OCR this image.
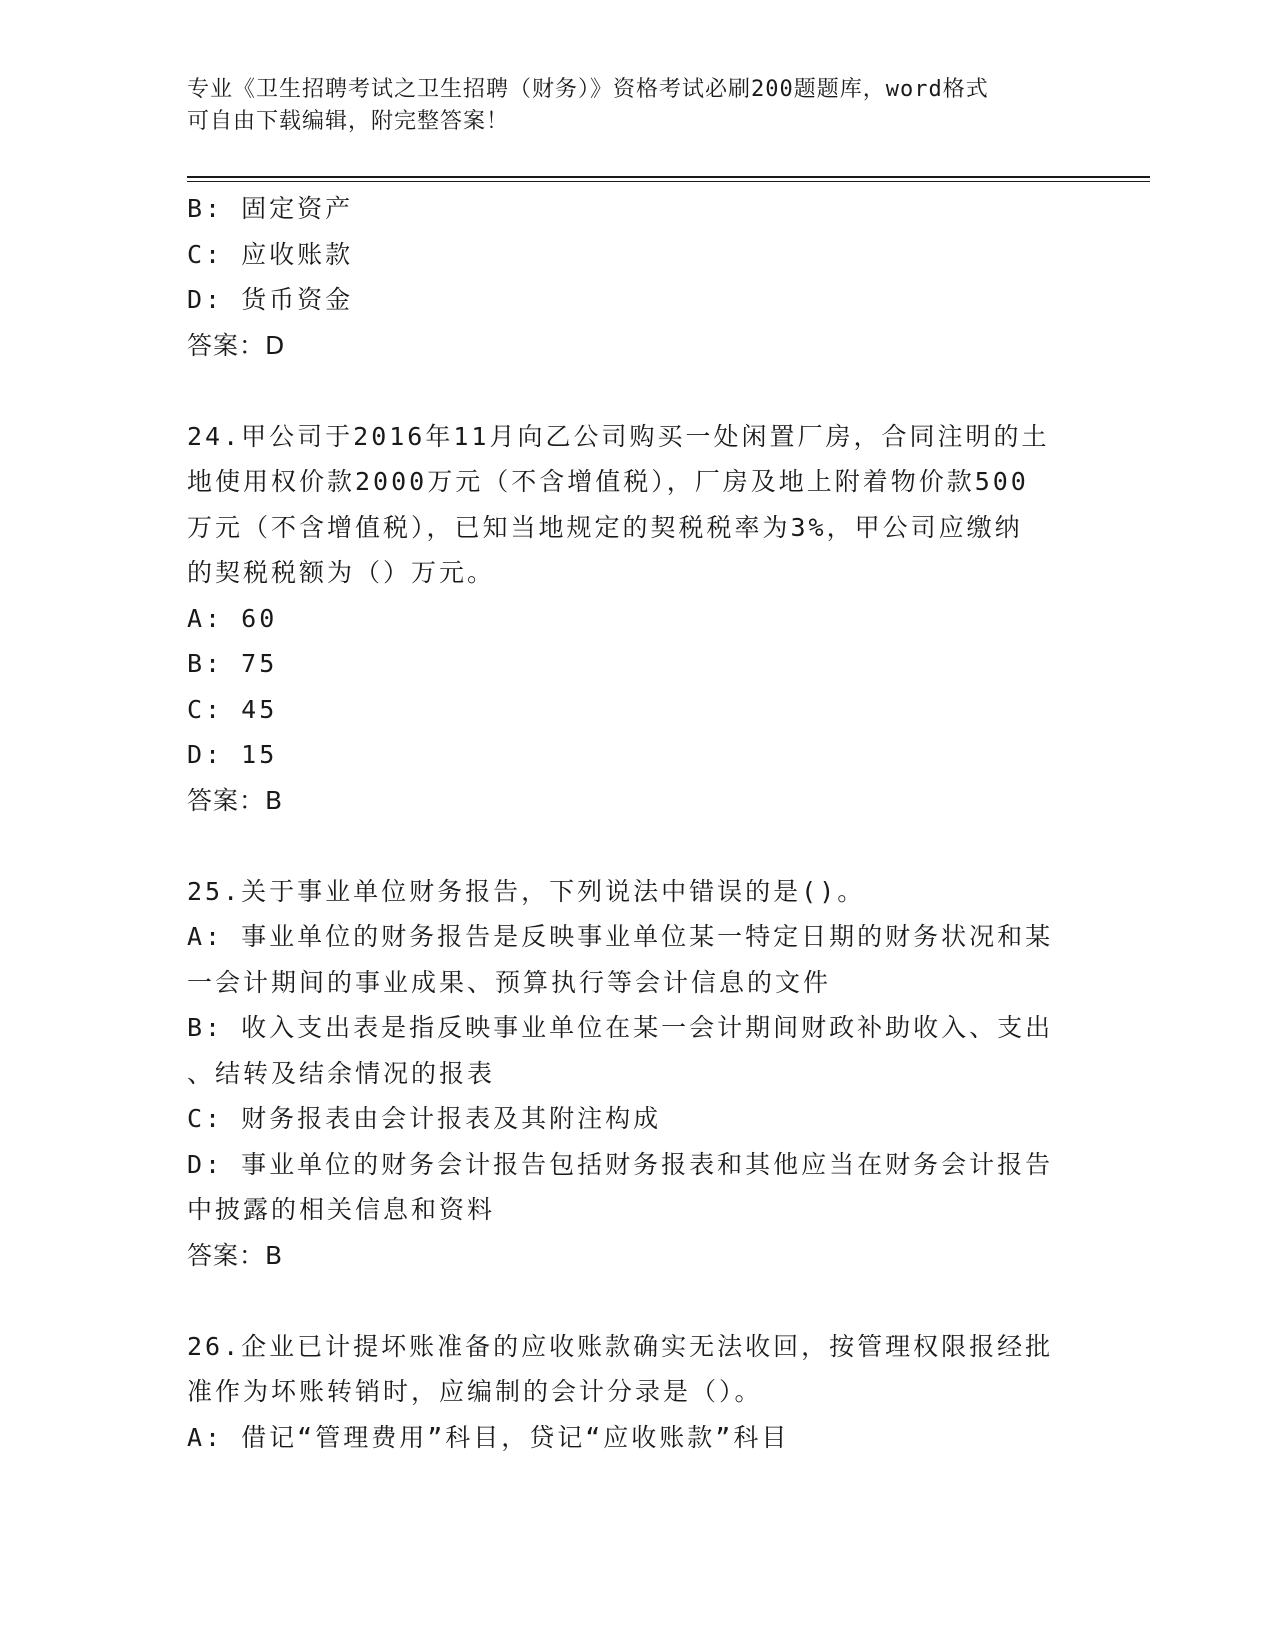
专业《卫生招聘考试之卫生招聘（财务）》资格考试必刷200题题库，word格式
可自由下载编辑，附完整答案！
B: 固定资产
C: 应收账款
D: 货币资金
答案：D
24.甲公司于2016年11月向乙公司购买一处闲置厂房，合同注明的土
地使用权价款2000万元（不含增值税），厂房及地上附着物价款500
万元（不含增值税），已知当地规定的契税税率为3%，甲公司应缴纳
的契税税额为（）万元。
A: 60
B: 75
C: 45
D: 15
答案：B
25.关于事业单位财务报告，下列说法中错误的是()。
A: 事业单位的财务报告是反映事业单位某一特定日期的财务状况和某
一会计期间的事业成果、预算执行等会计信息的文件
B: 收入支出表是指反映事业单位在某一会计期间财政补助收入、支出
、结转及结余情况的报表
C: 财务报表由会计报表及其附注构成
D: 事业单位的财务会计报告包括财务报表和其他应当在财务会计报告
中披露的相关信息和资料
答案：B
26.企业已计提坏账准备的应收账款确实无法收回，按管理权限报经批
准作为坏账转销时，应编制的会计分录是（）。
A: 借记“管理费用”科目，贷记“应收账款”科目
